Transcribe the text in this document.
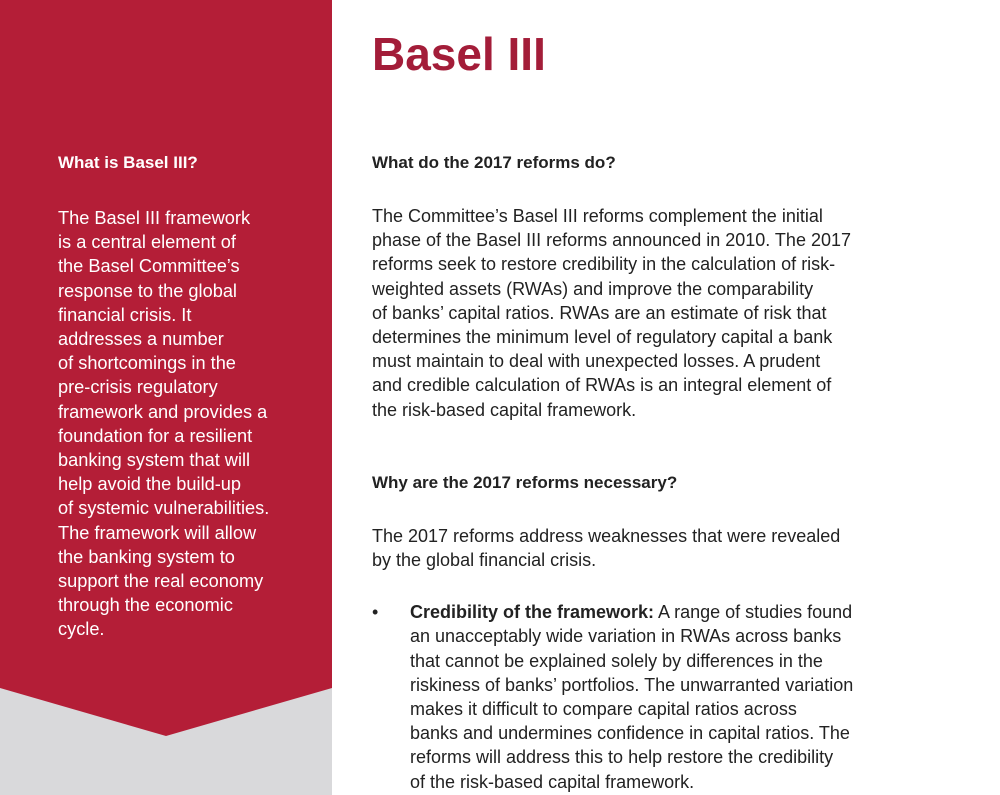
What is Basel III?

The Basel III framework
is a central element of
the Basel Committee’s
response to the global
financial crisis. It
addresses a number
of shortcomings in the
pre-crisis regulatory
framework and provides a
foundation for a resilient
banking system that will
help avoid the build-up
of systemic vulnerabilities.
The framework will allow
the banking system to
support the real economy
through the economic
cycle.

Basel III

What do the 2017 reforms do?

The Committee’s Basel III reforms complement the initial
phase of the Basel III reforms announced in 2010. The 2017
reforms seek to restore credibility in the calculation of risk-
weighted assets (RWAs) and improve the comparability
of banks’ capital ratios. RWAs are an estimate of risk that
determines the minimum level of regulatory capital a bank
must maintain to deal with unexpected losses. A prudent
and credible calculation of RWAs is an integral element of
the risk-based capital framework.

Why are the 2017 reforms necessary?

The 2017 reforms address weaknesses that were revealed
by the global financial crisis.

• Credibility of the framework: A range of studies found
an unacceptably wide variation in RWAs across banks
that cannot be explained solely by differences in the
riskiness of banks’ portfolios. The unwarranted variation
makes it difficult to compare capital ratios across
banks and undermines confidence in capital ratios. The
reforms will address this to help restore the credibility
of the risk-based capital framework.
